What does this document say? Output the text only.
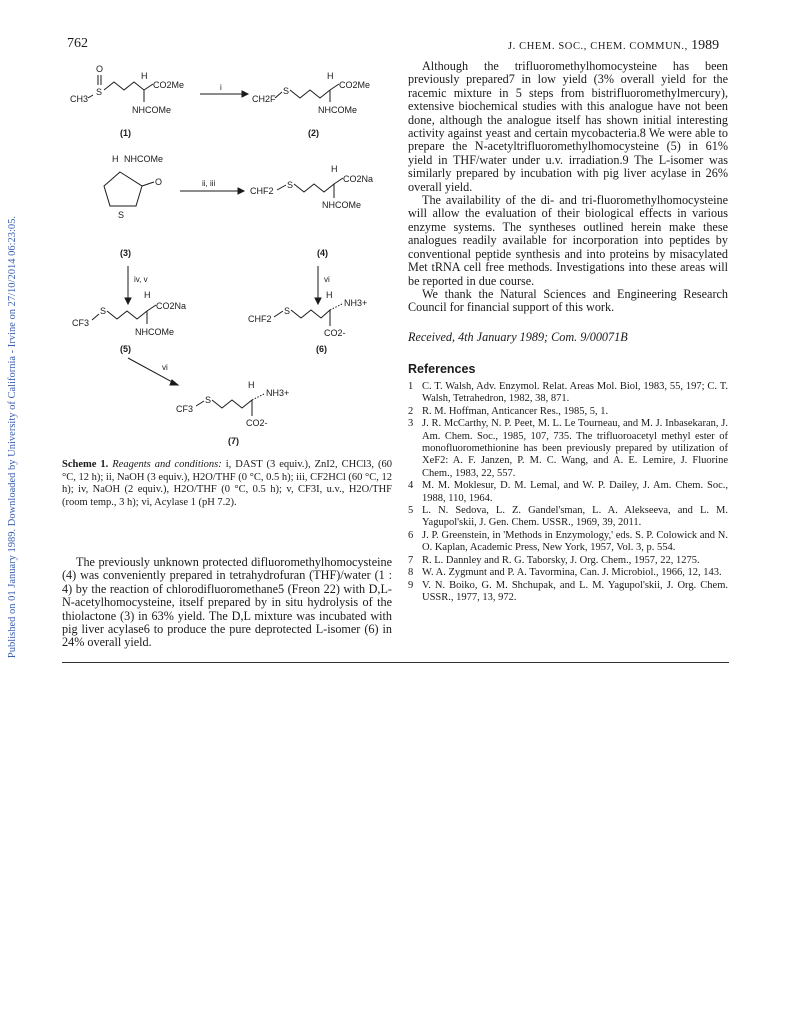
Published on 01 January 1989. Downloaded by University of California - Irvine on 27/10/2014 06:23:05.
762	J. CHEM. SOC., CHEM. COMMUN., 1989
O
S
CH3
H
CO2Me
NHCOMe
(1)
i
CH2F
S
H
CO2Me
NHCOMe
(2)
H NHCOMe
O
S
(3)
ii, iii
CHF2
S
H
CO2Na
NHCOMe
(4)
iv, v	vi
CF3
S
H
CO2Na
NHCOMe
(5)
CHF2
S
H
NH3+
CO2-
(6)
vi
CF3
S
H
NH3+
CO2-
(7)
Scheme 1. Reagents and conditions: i, DAST (3 equiv.), ZnI2, CHCl3, (60 °C, 12 h); ii, NaOH (3 equiv.), H2O/THF (0 °C, 0.5 h); iii, CF2HCl (60 °C, 12 h); iv, NaOH (2 equiv.), H2O/THF (0 °C, 0.5 h); v, CF3I, u.v., H2O/THF (room temp., 3 h); vi, Acylase 1 (pH 7.2).

The previously unknown protected difluoromethylhomocysteine (4) was conveniently prepared in tetrahydrofuran (THF)/water (1 : 4) by the reaction of chlorodifluoromethane5 (Freon 22) with D,L-N-acetylhomocysteine, itself prepared by in situ hydrolysis of the thiolactone (3) in 63% yield. The D,L mixture was incubated with pig liver acylase6 to produce the pure deprotected L-isomer (6) in 24% overall yield.

Although the trifluoromethylhomocysteine has been previously prepared7 in low yield (3% overall yield for the racemic mixture in 5 steps from bistrifluoromethylmercury), extensive biochemical studies with this analogue have not been done, although the analogue itself has shown initial interesting activity against yeast and certain mycobacteria.8 We were able to prepare the N-acetyltrifluoromethylhomocysteine (5) in 61% yield in THF/water under u.v. irradiation.9 The L-isomer was similarly prepared by incubation with pig liver acylase in 26% overall yield.

The availability of the di- and tri-fluoromethylhomocysteine will allow the evaluation of their biological effects in various enzyme systems. The syntheses outlined herein make these analogues readily available for incorporation into peptides by conventional peptide synthesis and into proteins by misacylated Met tRNA cell free methods. Investigations into these areas will be reported in due course.

We thank the Natural Sciences and Engineering Research Council for financial support of this work.

Received, 4th January 1989; Com. 9/00071B
References
1 C. T. Walsh, Adv. Enzymol. Relat. Areas Mol. Biol, 1983, 55, 197; C. T. Walsh, Tetrahedron, 1982, 38, 871.
2 R. M. Hoffman, Anticancer Res., 1985, 5, 1.
3 J. R. McCarthy, N. P. Peet, M. L. Le Tourneau, and M. J. Inbasekaran, J. Am. Chem. Soc., 1985, 107, 735. The trifluoroacetyl methyl ester of monofluoromethionine has been previously prepared by utilization of XeF2: A. F. Janzen, P. M. C. Wang, and A. E. Lemire, J. Fluorine Chem., 1983, 22, 557.
4 M. M. Moklesur, D. M. Lemal, and W. P. Dailey, J. Am. Chem. Soc., 1988, 110, 1964.
5 L. N. Sedova, L. Z. Gandel'sman, L. A. Alekseeva, and L. M. Yagupol'skii, J. Gen. Chem. USSR., 1969, 39, 2011.
6 J. P. Greenstein, in 'Methods in Enzymology,' eds. S. P. Colowick and N. O. Kaplan, Academic Press, New York, 1957, Vol. 3, p. 554.
7 R. L. Dannley and R. G. Taborsky, J. Org. Chem., 1957, 22, 1275.
8 W. A. Zygmunt and P. A. Tavormina, Can. J. Microbiol., 1966, 12, 143.
9 V. N. Boiko, G. M. Shchupak, and L. M. Yagupol'skii, J. Org. Chem. USSR., 1977, 13, 972.
